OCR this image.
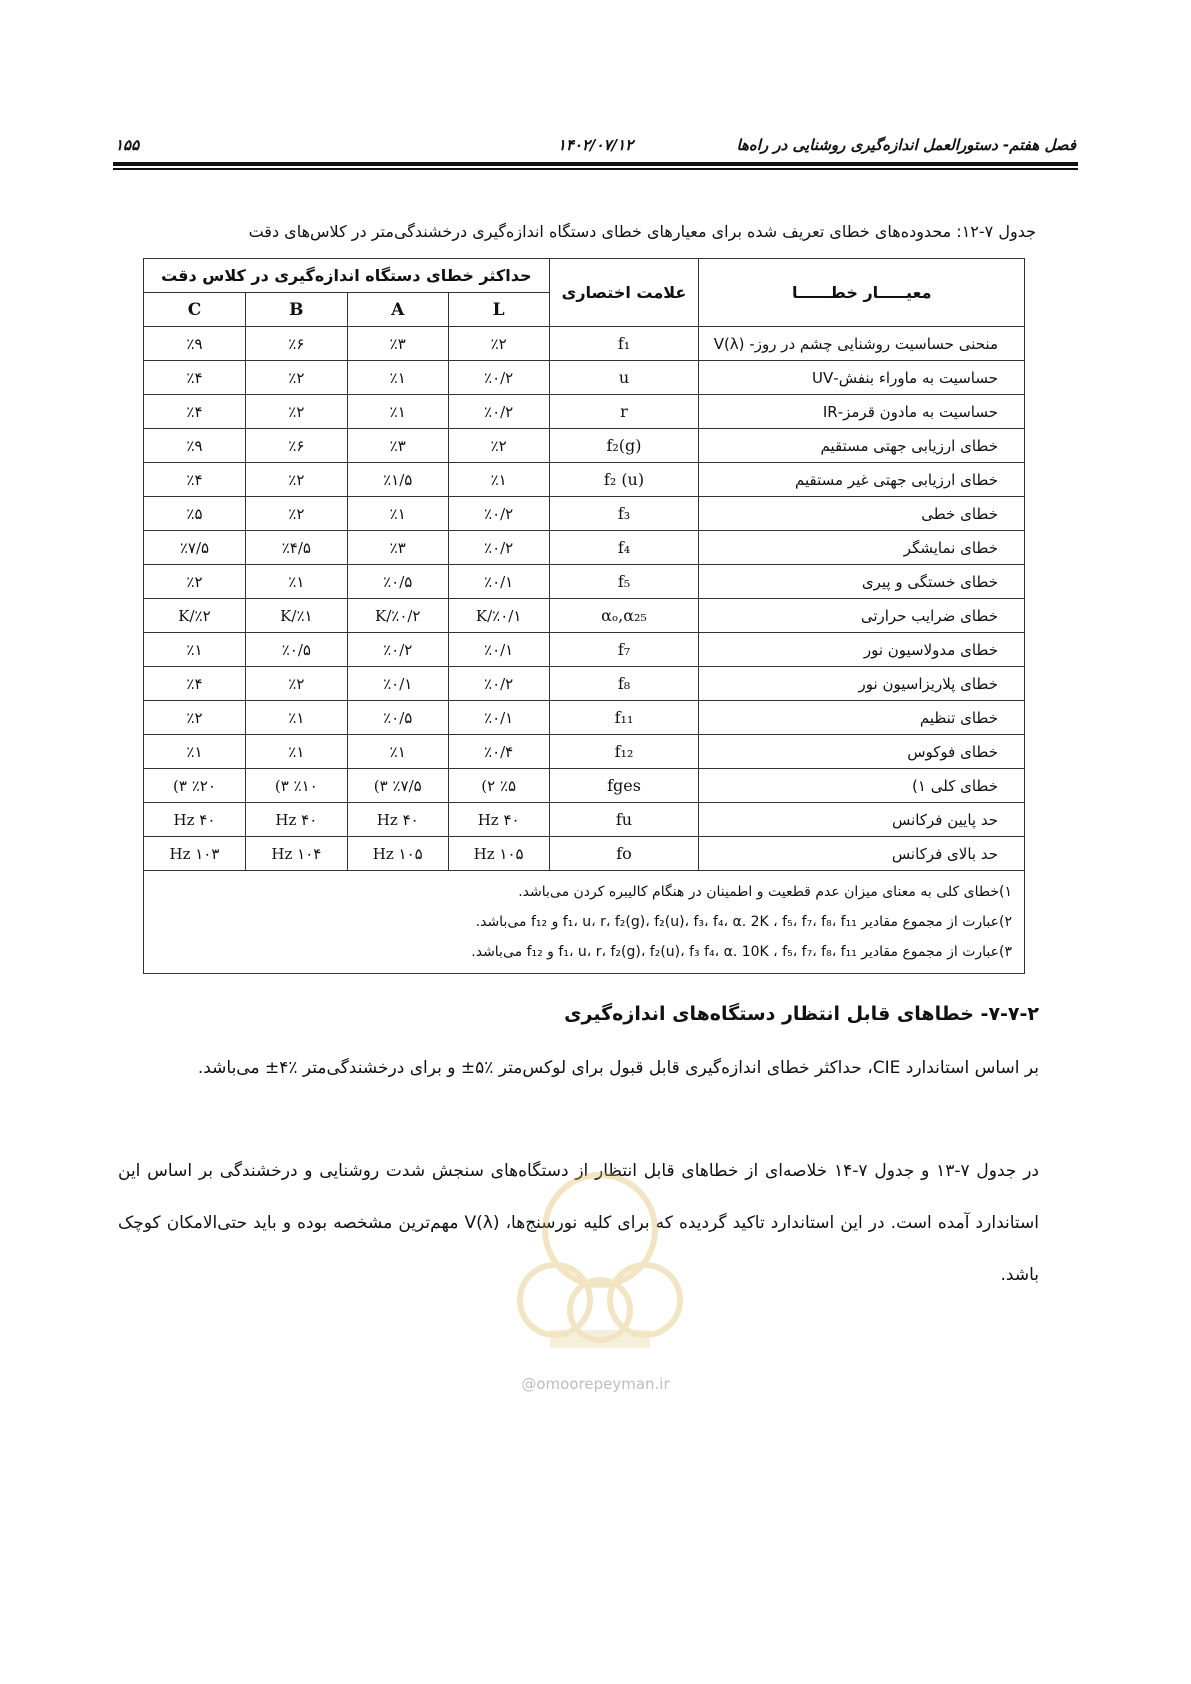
فصل هفتم- دستورالعمل اندازه‌گیری روشنایی در راه‌ها
۱۴۰۲/۰۷/۱۲
۱۵۵
جدول ۷-۱۲: محدوده‌های خطای تعریف شده برای معیارهای خطای دستگاه اندازه‌گیری درخشندگی‌متر در کلاس‌های دقت
معیـــــار خطــــــا	علامت اختصاری	حداکثر خطای دستگاه اندازه‌گیری در کلاس دقت			
		L	A	B	C
منحنی حساسیت روشنایی چشم در روز- V(λ)	f₁	٪۲	٪۳	٪۶	٪۹
حساسیت به ماوراء بنفش-UV	u	٪۰/۲	٪۱	٪۲	٪۴
حساسیت به مادون قرمز-IR	r	٪۰/۲	٪۱	٪۲	٪۴
خطای ارزیابی جهتی مستقیم	f₂(g)	٪۲	٪۳	٪۶	٪۹
خطای ارزیابی جهتی غیر مستقیم	f₂ (u)	٪۱	٪۱/۵	٪۲	٪۴
خطای خطی	f₃	٪۰/۲	٪۱	٪۲	٪۵
خطای نمایشگر	f₄	٪۰/۲	٪۳	٪۴/۵	٪۷/۵
خطای خستگی و پیری	f₅	٪۰/۱	٪۰/۵	٪۱	٪۲
خطای ضرایب حرارتی	αₒ,α₂₅	٪۰/۱/K	٪۰/۲/K	٪۱/K	٪۲/K
خطای مدولاسیون نور	f₇	٪۰/۱	٪۰/۲	٪۰/۵	٪۱
خطای پلاریزاسیون نور	f₈	٪۰/۲	٪۰/۱	٪۲	٪۴
خطای تنظیم	f₁₁	٪۰/۱	٪۰/۵	٪۱	٪۲
خطای فوکوس	f₁₂	٪۰/۴	٪۱	٪۱	٪۱
خطای کلی ۱)	fges	٪۵ ۲)	٪۷/۵ ۳)	٪۱۰ ۳)	٪۲۰ ۳)
حد پایین فرکانس	fu	۴۰ Hz	۴۰ Hz	۴۰ Hz	۴۰ Hz
حد بالای فرکانس	fo	۱۰۵ Hz	۱۰۵ Hz	۱۰۴ Hz	۱۰۳ Hz

۱)خطای کلی به معنای میزان عدم قطعیت و اطمینان در هنگام کالیبره کردن می‌باشد.
۲)عبارت از مجموع مقادیر f₁، u، r، f₂(g)، f₂(u)، f₃، f₄، α. 2K ، f₅، f₇، f₈، f₁₁ و f₁₂ می‌باشد.
۳)عبارت از مجموع مقادیر f₁، u، r، f₂(g)، f₂(u)، f₃ f₄، α. 10K ، f₅، f₇، f₈، f₁₁ و f₁₂ می‌باشد.					
۷-۷-۲- خطاهای قابل انتظار دستگاه‌های اندازه‌گیری
بر اساس استاندارد CIE، حداکثر خطای اندازه‌گیری قابل قبول برای لوکس‌متر ٪۵± و برای درخشندگی‌متر ٪۴± می‌باشد.
در جدول ۷-۱۳ و جدول ۷-۱۴ خلاصه‌ای از خطاهای قابل انتظار از دستگاه‌های سنجش شدت روشنایی و درخشندگی بر اساس این استاندارد آمده است. در این استاندارد تاکید گردیده که برای کلیه نورسنج‌ها، V(λ) مهم‌ترین مشخصه بوده و باید حتی‌الامکان کوچک باشد.
@omoorepeyman.ir
